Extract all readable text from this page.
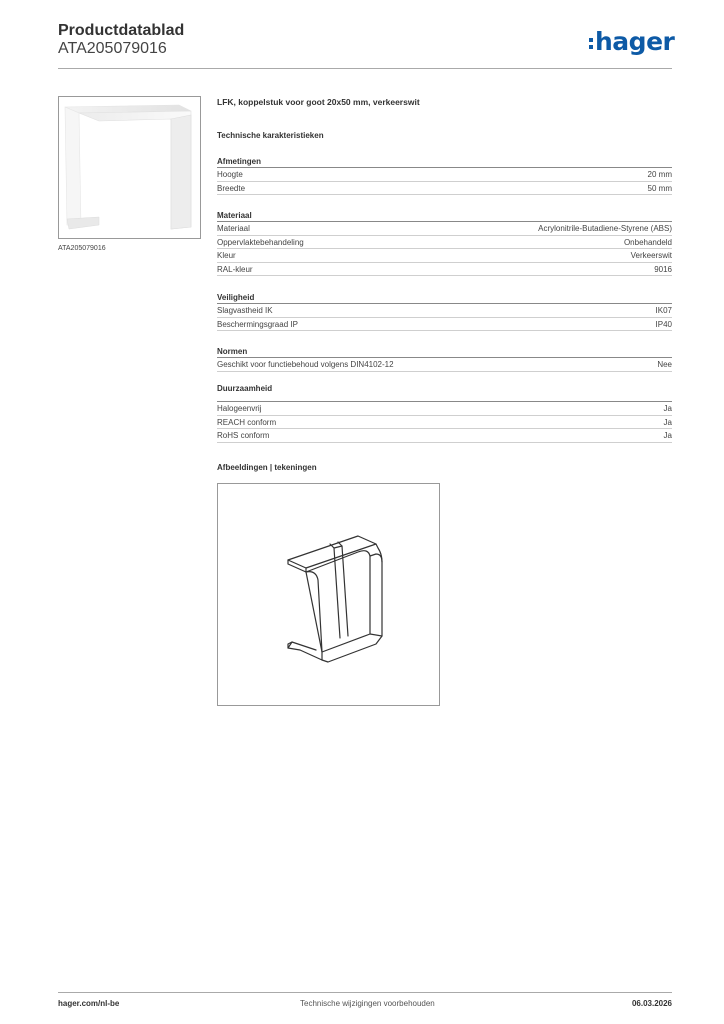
Productdatablad
ATA205079016	hager
ATA205079016
LFK, koppelstuk voor goot 20x50 mm, verkeerswit
Technische karakteristieken
Afmetingen
Hoogte	20 mm
Breedte	50 mm
Materiaal
Materiaal	Acrylonitrile-Butadiene-Styrene (ABS)
Oppervlaktebehandeling	Onbehandeld
Kleur	Verkeerswit
RAL-kleur	9016
Veiligheid
Slagvastheid IK	IK07
Beschermingsgraad IP	IP40
Normen
Geschikt voor functiebehoud volgens DIN4102-12	Nee
Duurzaamheid
Halogeenvrij	Ja
REACH conform	Ja
RoHS conform	Ja
Afbeeldingen | tekeningen
hager.com/nl-be	Technische wijzigingen voorbehouden	06.03.2026
